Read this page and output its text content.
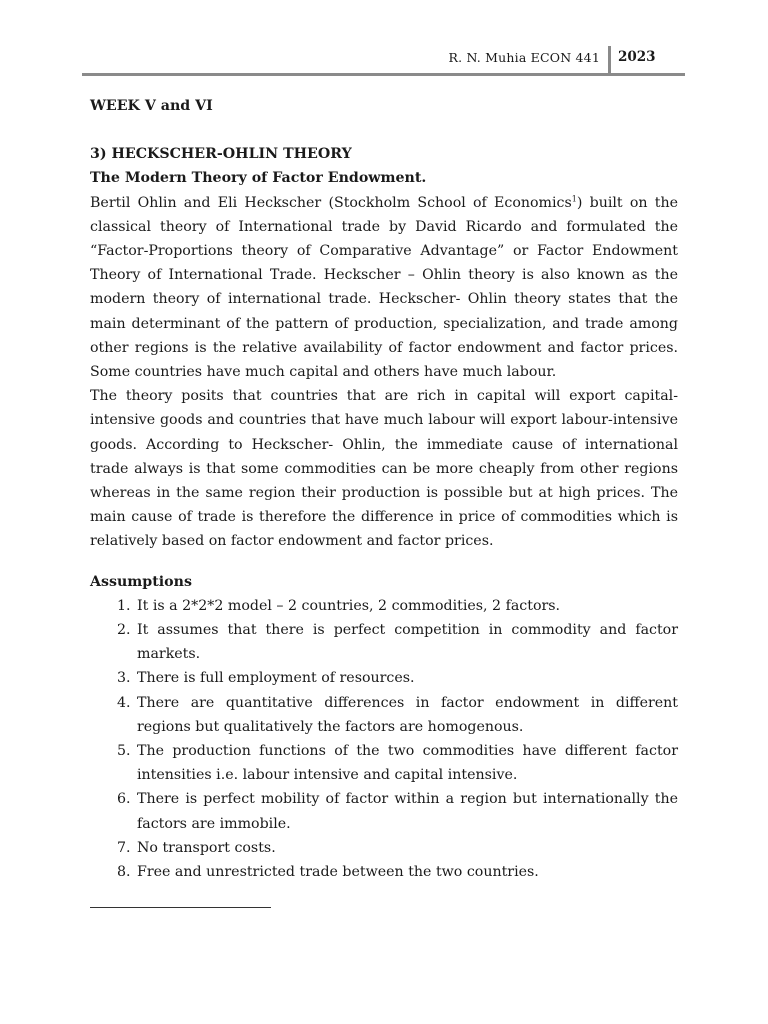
R. N. Muhia ECON 441 2023

WEEK V and VI

3) HECKSCHER-OHLIN THEORY

The Modern Theory of Factor Endowment.

Bertil Ohlin and Eli Heckscher (Stockholm School of Economics$^1$) built on the classical theory of International trade by David Ricardo and formulated the “Factor-Proportions theory of Comparative Advantage” or Factor Endowment Theory of International Trade. Heckscher – Ohlin theory is also known as the modern theory of international trade. Heckscher- Ohlin theory states that the main determinant of the pattern of production, specialization, and trade among other regions is the relative availability of factor endowment and factor prices. Some countries have much capital and others have much labour.

The theory posits that countries that are rich in capital will export capital-intensive goods and countries that have much labour will export labour-intensive goods. According to Heckscher- Ohlin, the immediate cause of international trade always is that some commodities can be more cheaply from other regions whereas in the same region their production is possible but at high prices. The main cause of trade is therefore the difference in price of commodities which is relatively based on factor endowment and factor prices.

Assumptions

1. It is a 2*2*2 model – 2 countries, 2 commodities, 2 factors.
2. It assumes that there is perfect competition in commodity and factor markets.
3. There is full employment of resources.
4. There are quantitative differences in factor endowment in different regions but qualitatively the factors are homogenous.
5. The production functions of the two commodities have different factor intensities i.e. labour intensive and capital intensive.
6. There is perfect mobility of factor within a region but internationally the factors are immobile.
7. No transport costs.
8. Free and unrestricted trade between the two countries.
